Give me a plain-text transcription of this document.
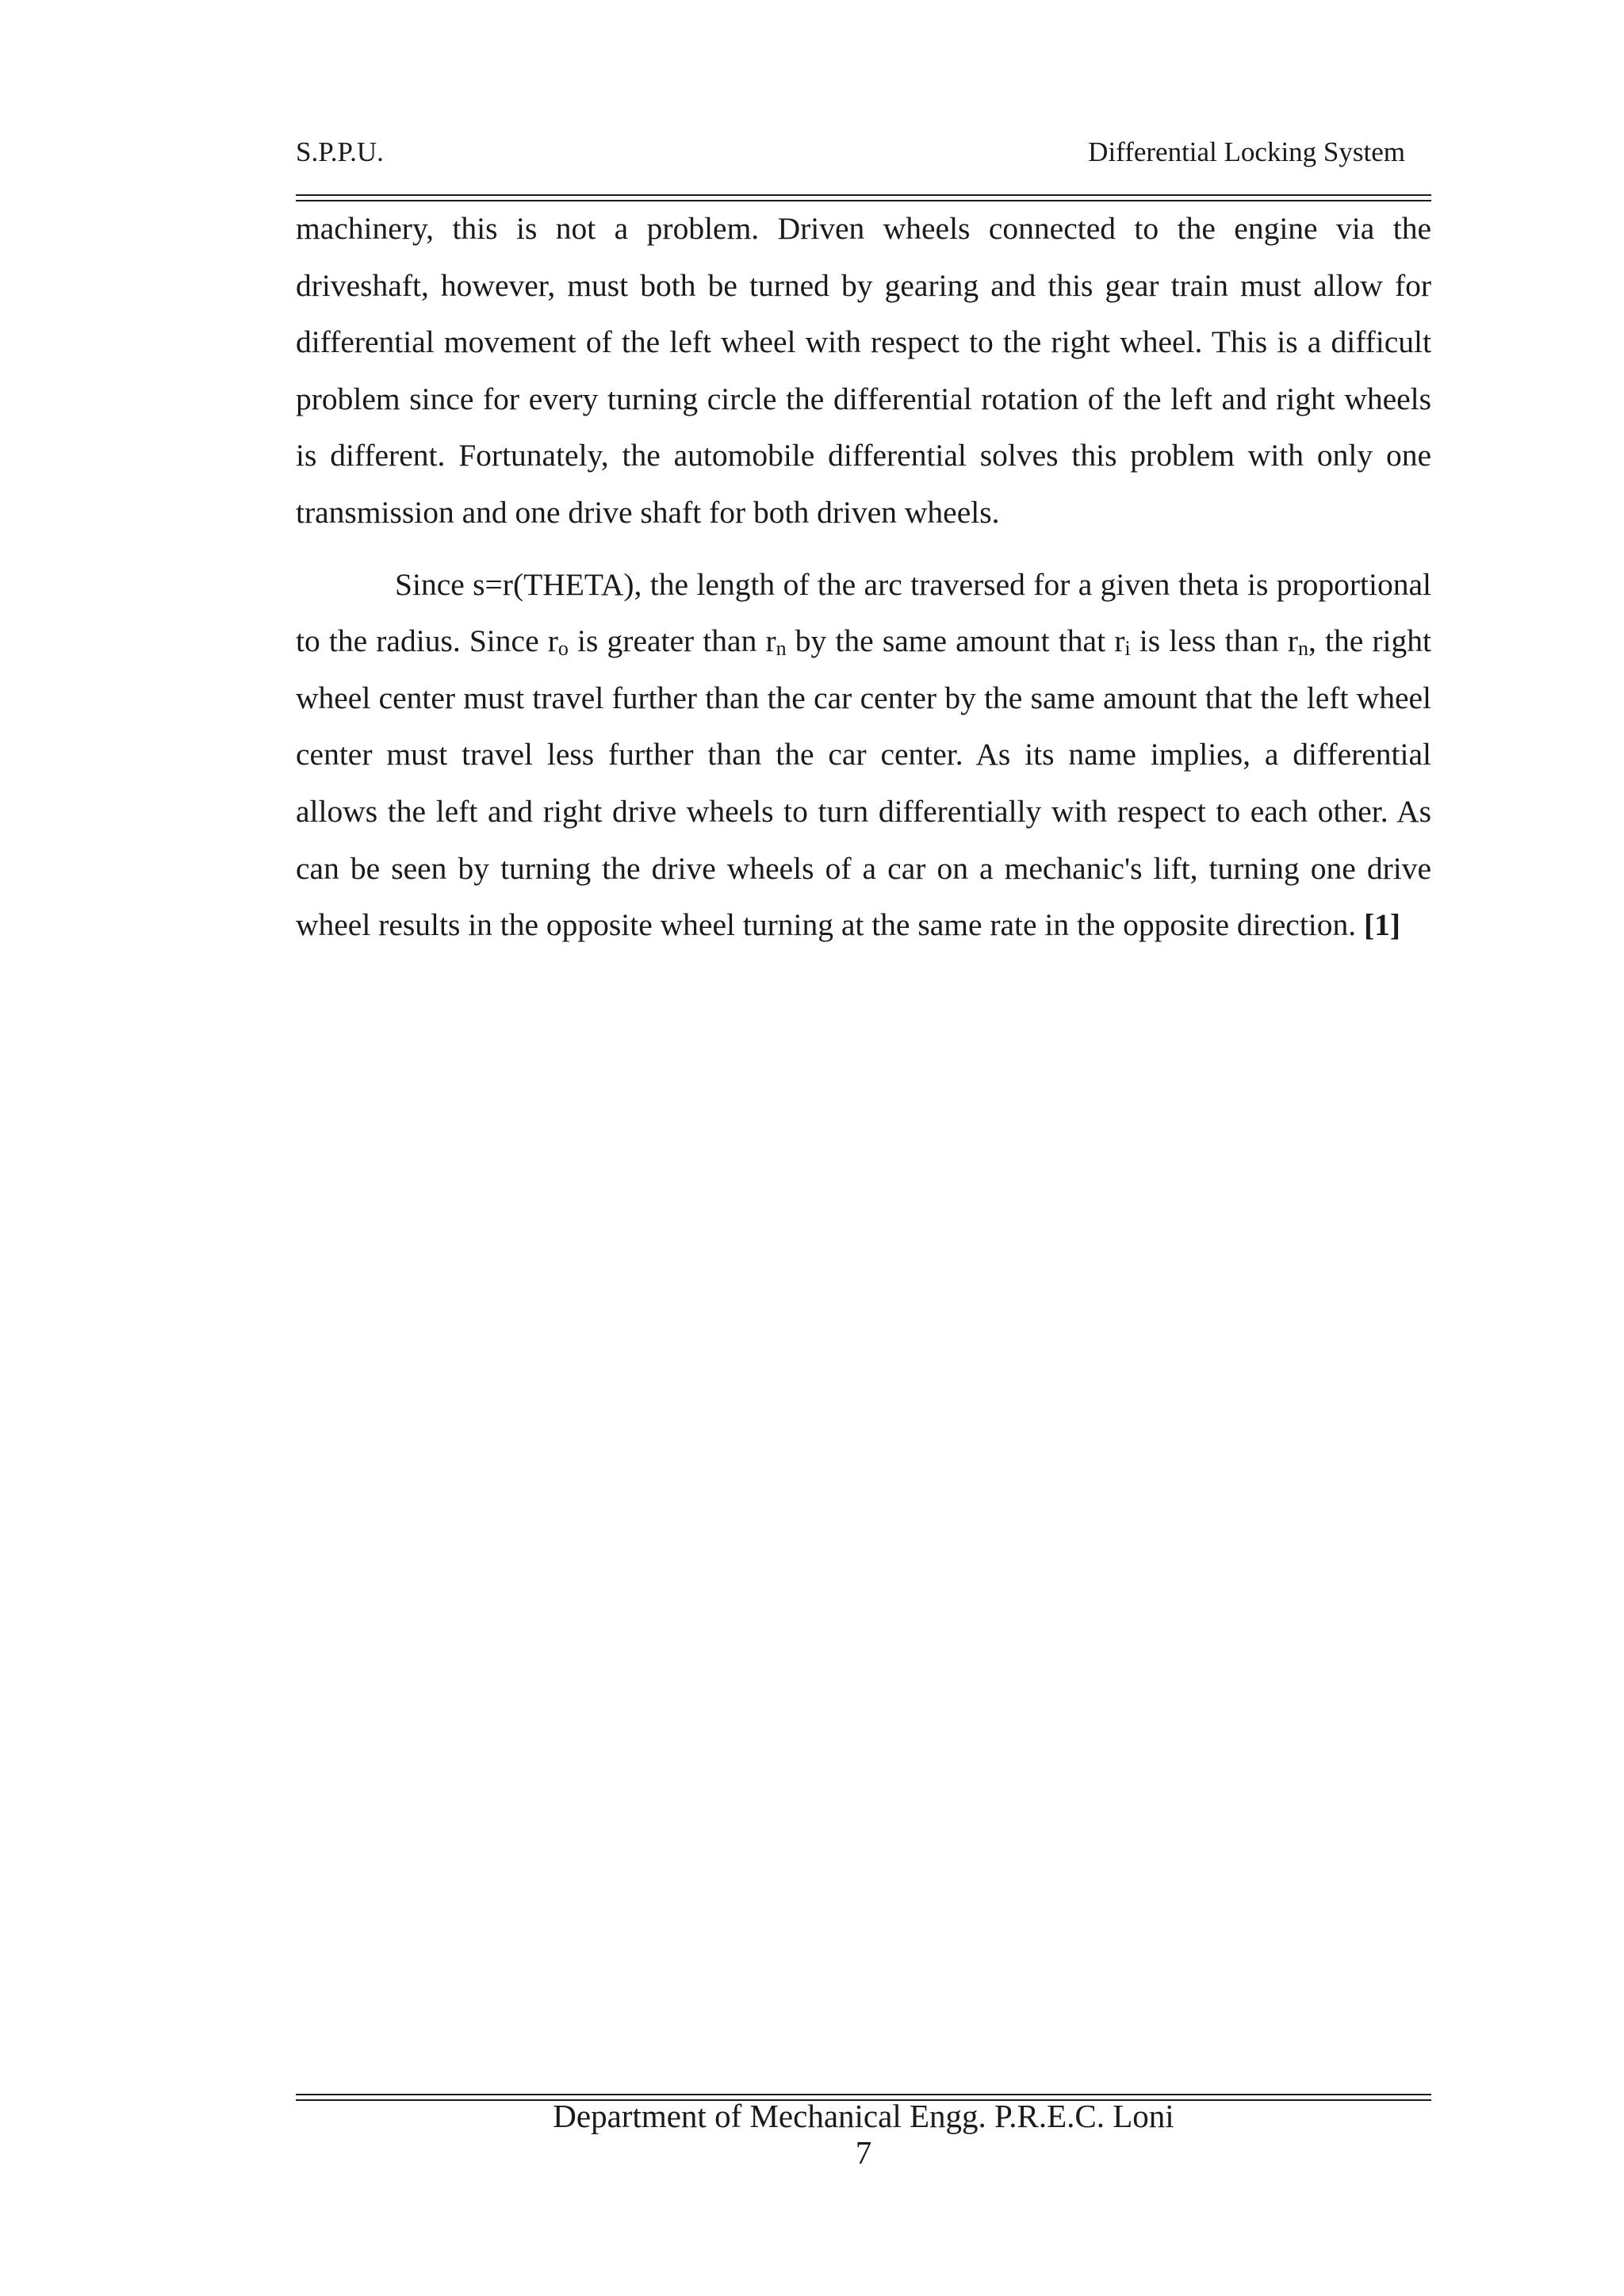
S.P.P.U.	Differential Locking System

machinery, this is not a problem. Driven wheels connected to the engine via the driveshaft, however, must both be turned by gearing and this gear train must allow for differential movement of the left wheel with respect to the right wheel. This is a difficult problem since for every turning circle the differential rotation of the left and right wheels is different. Fortunately, the automobile differential solves this problem with only one transmission and one drive shaft for both driven wheels.

Since s=r(THETA), the length of the arc traversed for a given theta is proportional to the radius. Since $r_o$ is greater than $r_n$ by the same amount that $r_i$ is less than $r_n$, the right wheel center must travel further than the car center by the same amount that the left wheel center must travel less further than the car center. As its name implies, a differential allows the left and right drive wheels to turn differentially with respect to each other. As can be seen by turning the drive wheels of a car on a mechanic's lift, turning one drive wheel results in the opposite wheel turning at the same rate in the opposite direction. [1]

Department of Mechanical Engg. P.R.E.C. Loni
7
